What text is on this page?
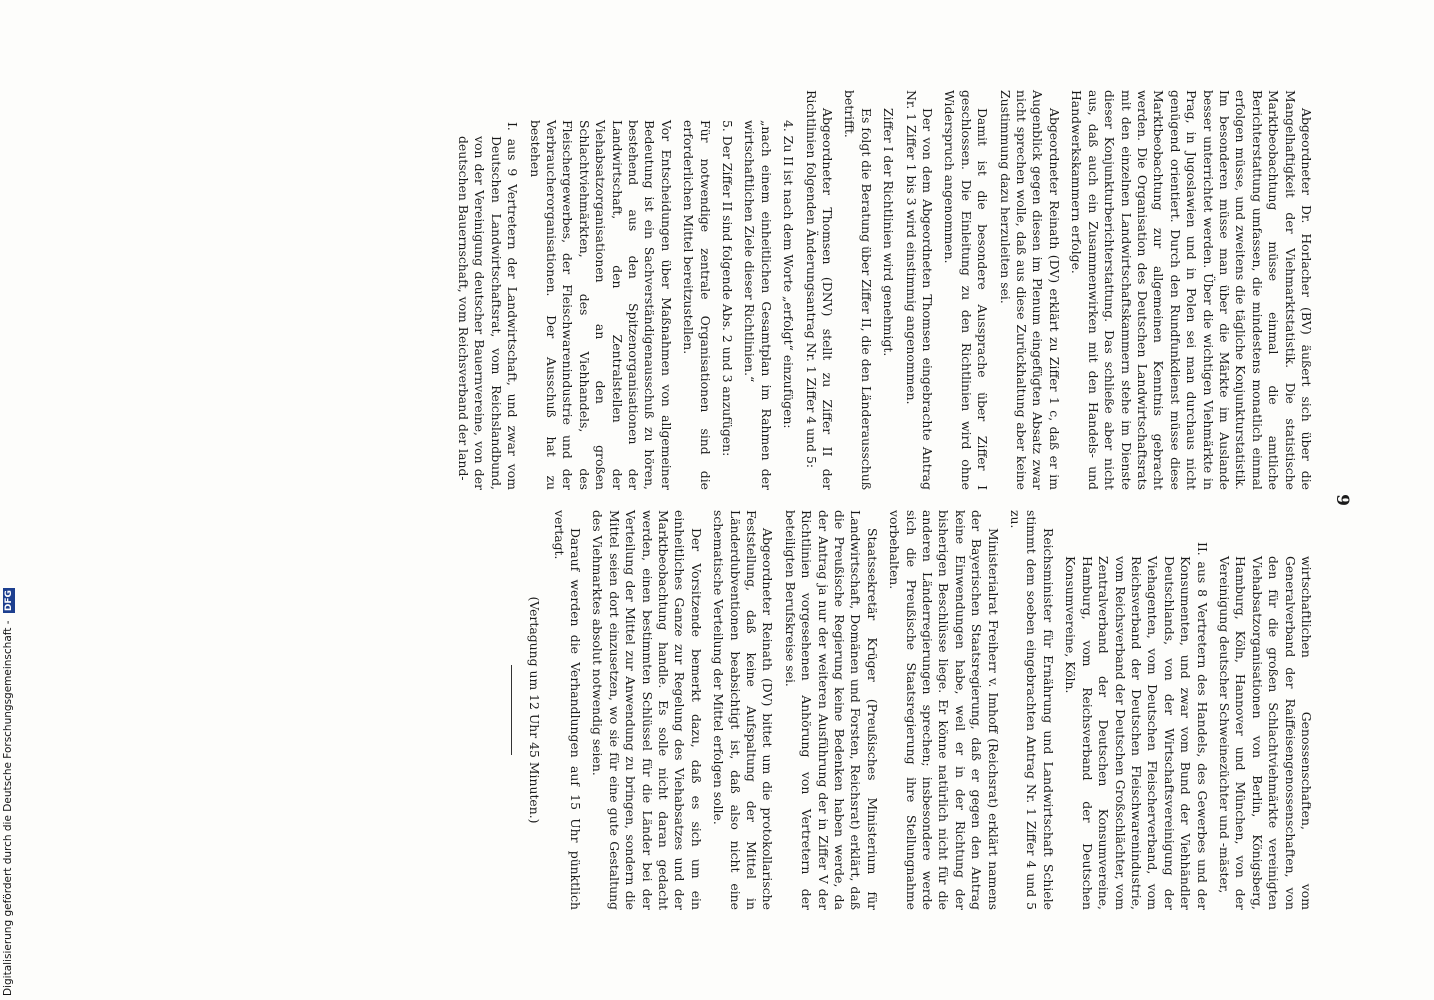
9

Abgeordneter Dr. Horlacher (BV) äußert sich über die Mangelhaftigkeit der Viehmarktstatistik. Die statistische Marktbeobachtung müsse einmal die amtliche Berichterstattung umfassen, die mindestens monatlich einmal erfolgen müsse, und zweitens die tägliche Konjunkturstatistik. Im besonderen müsse man über die Märkte im Auslande besser unterrichtet werden. Über die wichtigen Viehmärkte in Prag, in Jugoslawien und in Polen sei man durchaus nicht genügend orientiert. Durch den Rundfunkdienst müsse diese Marktbeobachtung zur allgemeinen Kenntnis gebracht werden. Die Organisation des Deutschen Landwirtschaftsrats mit den einzelnen Landwirtschaftskammern stehe im Dienste dieser Konjunkturberichterstattung. Das schließe aber nicht aus, daß auch ein Zusammenwirken mit den Handels- und Handwerkskammern erfolge.

Abgeordneter Reinath (DV) erklärt zu Ziffer 1 c, daß er im Augenblick gegen diesen im Plenum eingefügten Absatz zwar nicht sprechen wolle, daß aus diese Zurückhaltung aber keine Zustimmung dazu herzuleiten sei.

Damit ist die besondere Aussprache über Ziffer I geschlossen. Die Einleitung zu den Richtlinien wird ohne Widerspruch angenommen.

Der von dem Abgeordneten Thomsen eingebrachte Antrag Nr. 1 Ziffer 1 bis 3 wird einstimmig angenommen.

Ziffer I der Richtlinien wird genehmigt.

Es folgt die Beratung über Ziffer II, die den Länderausschuß betrifft.

Abgeordneter Thomsen (DNV) stellt zu Ziffer II der Richtlinien folgenden Änderungsantrag Nr. 1 Ziffer 4 und 5:

4. Zu II ist nach dem Worte „erfolgt“ einzufügen:

„nach einem einheitlichen Gesamtplan im Rahmen der wirtschaftlichen Ziele dieser Richtlinien.“

5. Der Ziffer II sind folgende Abs. 2 und 3 anzufügen:

Für notwendige zentrale Organisationen sind die erforderlichen Mittel bereitzustellen.

Vor Entscheidungen über Maßnahmen von allgemeiner Bedeutung ist ein Sachverständigenausschuß zu hören, bestehend aus den Spitzenorganisationen der Landwirtschaft, den Zentralstellen der Viehabsatzorganisationen an den großen Schlachtviehmärkten, des Viehhandels, des Fleischergewerbes, der Fleischwarenindustrie und der Verbraucherorganisationen. Der Ausschuß hat zu bestehen

I. aus 9 Vertretern der Landwirtschaft, und zwar vom Deutschen Landwirtschaftsrat, vom Reichslandbund, von der Vereinigung deutscher Bauernvereine, von der deutschen Bauernschaft, vom Reichsverband der land-

wirtschaftlichen Genossenschaften, vom Generalverband der Raiffeisengenossenschaften, von den für die großen Schlachtviehmärkte vereinigten Viehabsatzorganisationen von Berlin, Königsberg, Hamburg, Köln, Hannover und München, von der Vereinigung deutscher Schweinezüchter und -mäster,

II. aus 8 Vertretern des Handels, des Gewerbes und der Konsumenten, und zwar vom Bund der Viehhändler Deutschlands, von der Wirtschaftsvereinigung der Viehagenten, vom Deutschen Fleischerverband, vom Reichsverband der Deutschen Fleischwarenindustrie, vom Reichsverband der Deutschen Großschlächter, vom Zentralverband der Deutschen Konsumvereine, Hamburg, vom Reichsverband der Deutschen Konsumvereine, Köln.

Reichsminister für Ernährung und Landwirtschaft Schiele stimmt dem soeben eingebrachten Antrag Nr. 1 Ziffer 4 und 5 zu.

Ministerialrat Freiherr v. Imhoff (Reichsrat) erklärt namens der Bayerischen Staatsregierung, daß er gegen den Antrag keine Einwendungen habe, weil er in der Richtung der bisherigen Beschlüsse liege. Er könne natürlich nicht für die anderen Länderregierungen sprechen; insbesondere werde sich die Preußische Staatsregierung ihre Stellungnahme vorbehalten.

Staatssekretär Krüger (Preußisches Ministerium für Landwirtschaft, Domänen und Forsten, Reichsrat) erklärt, daß die Preußische Regierung keine Bedenken haben werde, da der Antrag ja nur der weiteren Ausführung der in Ziffer V der Richtlinien vorgesehenen Anhörung von Vertretern der beteiligten Berufskreise sei.

Abgeordneter Reinath (DV) bittet um die protokollarische Feststellung, daß keine Aufspaltung der Mittel in Länderdubventionen beabsichtigt ist, daß also nicht eine schematische Verteilung der Mittel erfolgen solle.

Der Vorsitzende bemerkt dazu, daß es sich um ein einheitliches Ganze zur Regelung des Viehabsatzes und der Marktbeobachtung handle. Es solle nicht daran gedacht werden, einen bestimmten Schlüssel für die Länder bei der Verteilung der Mittel zur Anwendung zu bringen, sondern die Mittel seien dort einzusetzen, wo sie für eine gute Gestaltung des Viehmarktes absolut notwendig seien.

Darauf werden die Verhandlungen auf 15 Uhr pünktlich vertagt.

(Vertagung um 12 Uhr 45 Minuten.)

Digitalisierung gefördert durch die Deutsche Forschungsgemeinschaft - DFG
